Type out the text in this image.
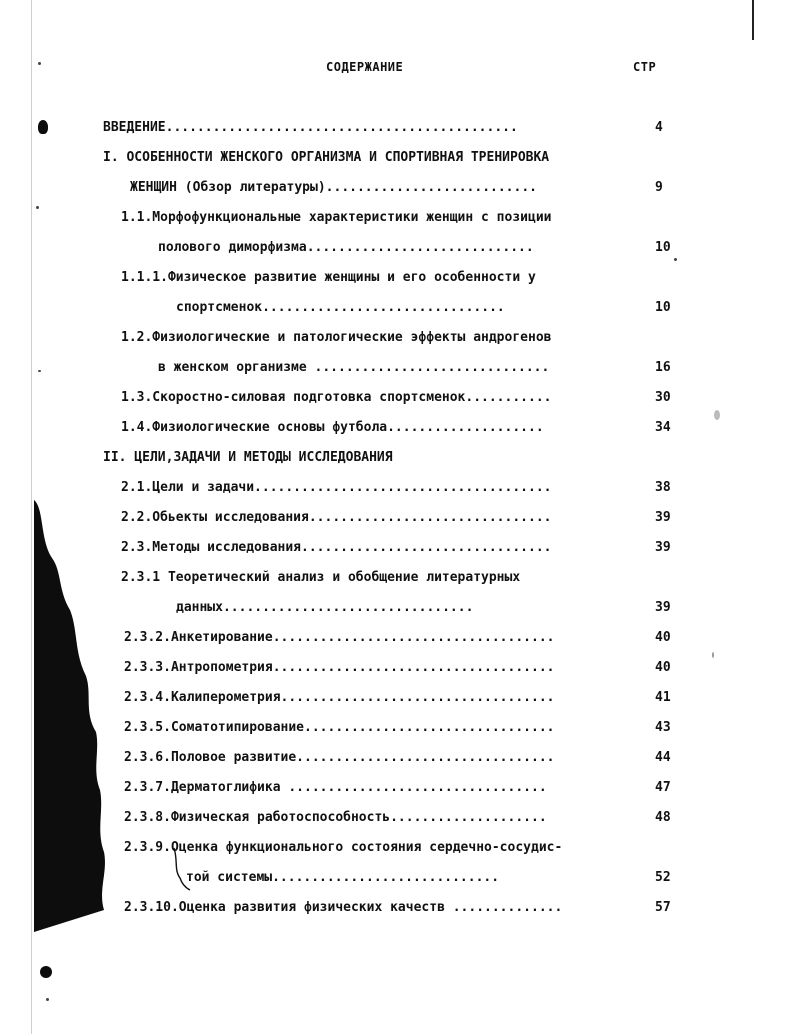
СОДЕРЖАНИЕ	СТР
ВВЕДЕНИЕ.............................................	4
I. ОСОБЕННОСТИ ЖЕНСКОГО ОРГАНИЗМА И СПОРТИВНАЯ ТРЕНИРОВКА
ЖЕНЩИН (Обзор литературы)...........................	9
1.1.Морфофункциональные характеристики женщин с позиции
полового диморфизма.............................	10
1.1.1.Физическое развитие женщины и его особенности у
спортсменок...............................	10
1.2.Физиологические и патологические эффекты андрогенов
в женском организме ..............................	16
1.3.Скоростно-силовая подготовка спортсменок...........	30
1.4.Физиологические основы футбола....................	34
II. ЦЕЛИ,ЗАДАЧИ И МЕТОДЫ ИССЛЕДОВАНИЯ
2.1.Цели и задачи......................................	38
2.2.Обьекты исследования...............................	39
2.3.Методы исследования................................	39
2.3.1 Теоретический анализ и обобщение литературных
данных................................	39
2.3.2.Анкетирование....................................	40
2.3.3.Антропометрия....................................	40
2.3.4.Калиперометрия...................................	41
2.3.5.Соматотипирование................................	43
2.3.6.Половое развитие.................................	44
2.3.7.Дерматоглифика .................................	47
2.3.8.Физическая работоспособность....................	48
2.3.9.Оценка функционального состояния сердечно-сосудис-
той системы.............................	52
2.3.10.Оценка развития физических качеств ..............	57
